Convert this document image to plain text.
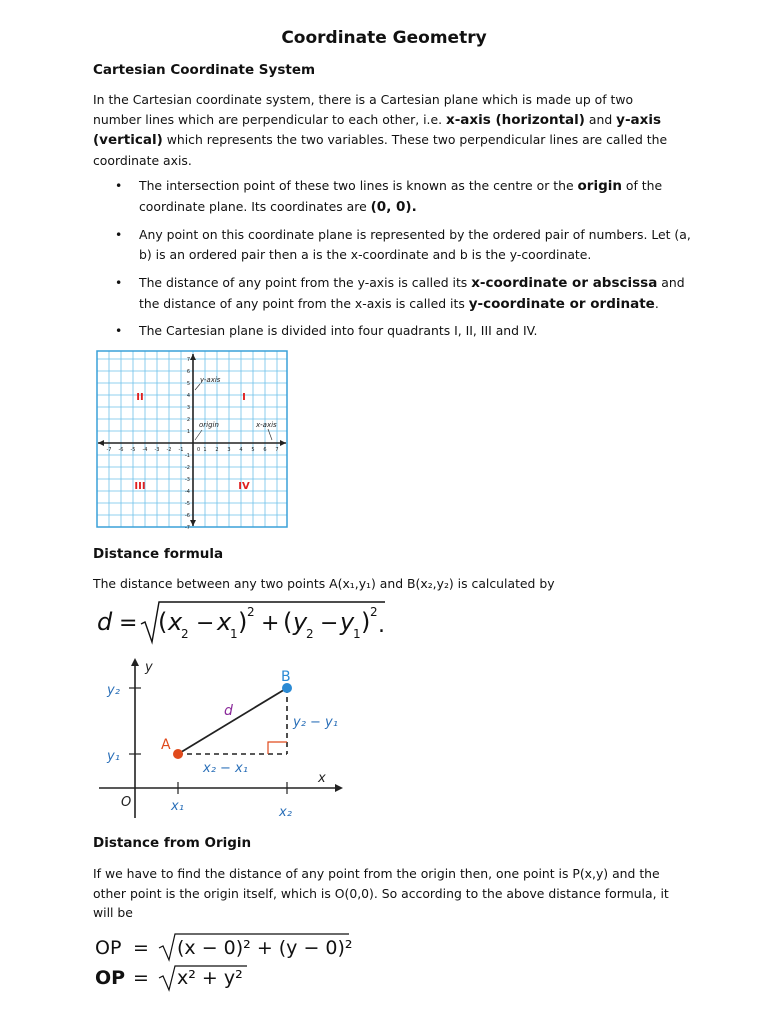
Coordinate Geometry
Cartesian Coordinate System
In the Cartesian coordinate system, there is a Cartesian plane which is made up of two number lines which are perpendicular to each other, i.e. x-axis (horizontal) and y-axis (vertical) which represents the two variables. These two perpendicular lines are called the coordinate axis.
• The intersection point of these two lines is known as the centre or the origin of the coordinate plane. Its coordinates are (0, 0).
• Any point on this coordinate plane is represented by the ordered pair of numbers. Let (a, b) is an ordered pair then a is the x-coordinate and b is the y-coordinate.
• The distance of any point from the y-axis is called its x-coordinate or abscissa and the distance of any point from the x-axis is called its y-coordinate or ordinate.
• The Cartesian plane is divided into four quadrants I, II, III and IV.
1
1
2
2
3
3
4
4
5
5
6
6
7
7
-1
-1
-2
-2
-3
-3
-4
-4
-5
-5
-6
-6
-7
-7
0
y-axis
x-axis
origin
I
II
III	IV
Distance formula
The distance between any two points A(x₁,y₁) and B(x₂,y₂) is calculated by
d = ( x
2 − x
1 ) 2 + ( y
2 − y
1 ) 2
.
y
x
O
y₂
y₁
x₁	x₂
A
B
d
y₂ − y₁
x₂ − x₁
Distance from Origin
If we have to find the distance of any point from the origin then, one point is P(x,y) and the other point is the origin itself, which is O(0,0). So according to the above distance formula, it will be
OP = (x − 0)² + (y − 0)²
OP = x² + y²
